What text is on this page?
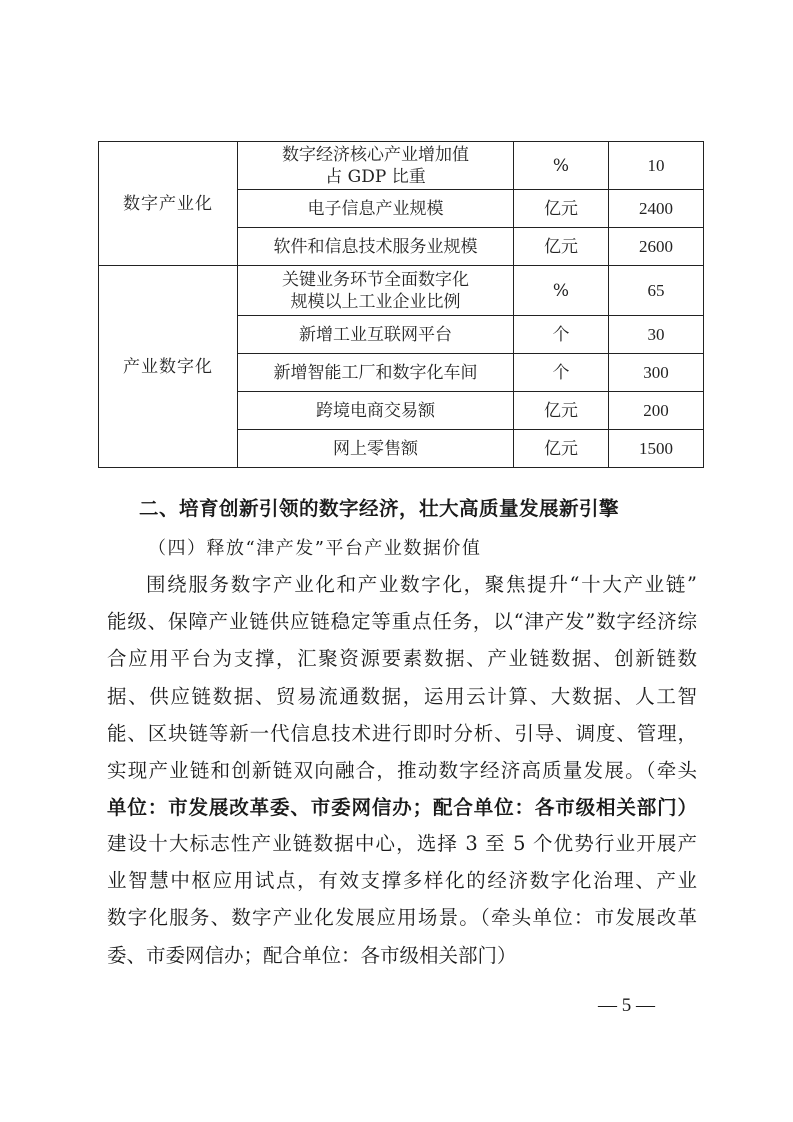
数字产业化	数字经济核心产业增加值
占 GDP 比重	%	10

	电子信息产业规模	亿元	2400

	软件和信息技术服务业规模	亿元	2600
产业数字化	关键业务环节全面数字化
规模以上工业企业比例	%	65

	新增工业互联网平台	个	30

	新增智能工厂和数字化车间	个	300

	跨境电商交易额	亿元	200

	网上零售额	亿元	1500
二、培育创新引领的数字经济，壮大高质量发展新引擎
（四）释放“津产发”平台产业数据价值

围绕服务数字产业化和产业数字化，聚焦提升“十大产业链”
能级、保障产业链供应链稳定等重点任务，以“津产发”数字经济综
合应用平台为支撑，汇聚资源要素数据、产业链数据、创新链数
据、供应链数据、贸易流通数据，运用云计算、大数据、人工智
能、区块链等新一代信息技术进行即时分析、引导、调度、管理，
实现产业链和创新链双向融合，推动数字经济高质量发展。（牵头
单位：市发展改革委、市委网信办；配合单位：各市级相关部门）

建设十大标志性产业链数据中心，选择 3 至 5 个优势行业开展产
业智慧中枢应用试点，有效支撑多样化的经济数字化治理、产业
数字化服务、数字产业化发展应用场景。（牵头单位：市发展改革
委、市委网信办；配合单位：各市级相关部门）

— 5 —
